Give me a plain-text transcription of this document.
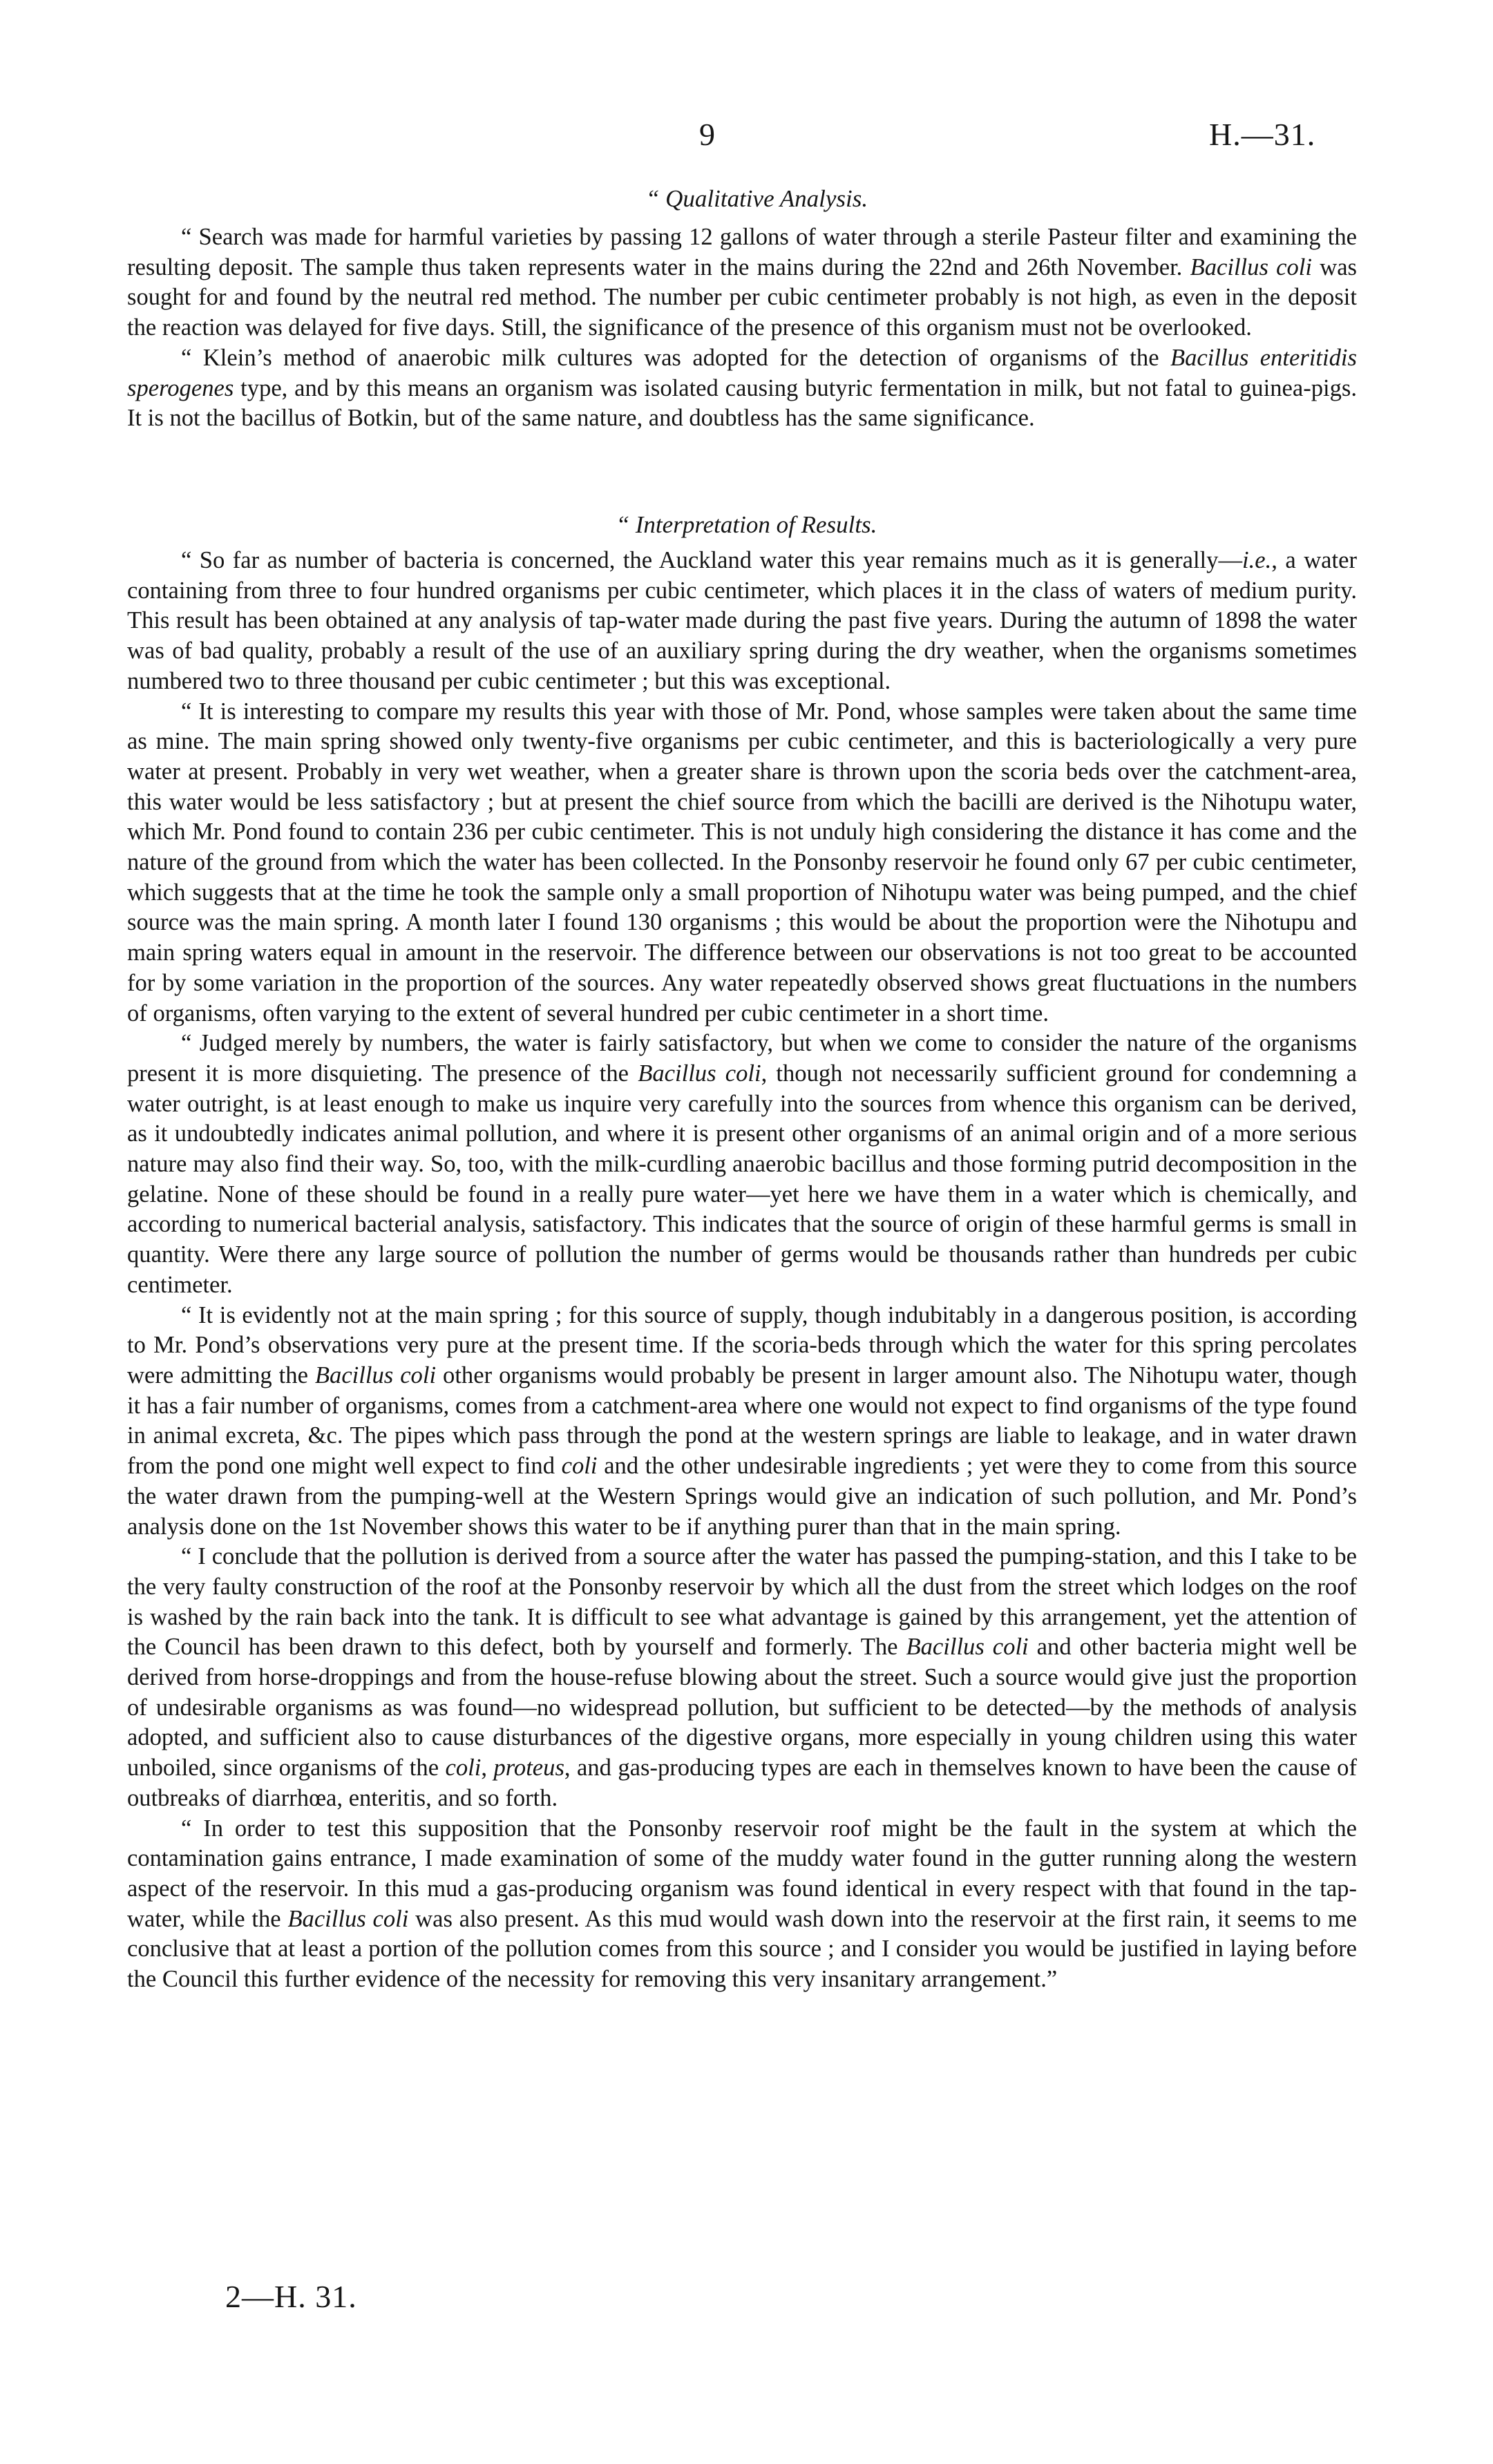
9	H.—31.
“ Qualitative Analysis.

“ Search was made for harmful varieties by passing 12 gallons of water through a sterile Pasteur filter and examining the resulting deposit. The sample thus taken represents water in the mains during the 22nd and 26th November. Bacillus coli was sought for and found by the neutral red method. The number per cubic centimeter probably is not high, as even in the deposit the reaction was delayed for five days. Still, the significance of the presence of this organism must not be overlooked.

“ Klein’s method of anaerobic milk cultures was adopted for the detection of organisms of the Bacillus enteritidis sperogenes type, and by this means an organism was isolated causing butyric fermentation in milk, but not fatal to guinea-pigs. It is not the bacillus of Botkin, but of the same nature, and doubtless has the same significance.

“ Interpretation of Results.

“ So far as number of bacteria is concerned, the Auckland water this year remains much as it is generally—i.e., a water containing from three to four hundred organisms per cubic centimeter, which places it in the class of waters of medium purity. This result has been obtained at any analysis of tap-water made during the past five years. During the autumn of 1898 the water was of bad quality, probably a result of the use of an auxiliary spring during the dry weather, when the organisms sometimes numbered two to three thousand per cubic centimeter ; but this was exceptional.

“ It is interesting to compare my results this year with those of Mr. Pond, whose samples were taken about the same time as mine. The main spring showed only twenty-five organisms per cubic centimeter, and this is bacteriologically a very pure water at present. Probably in very wet weather, when a greater share is thrown upon the scoria beds over the catchment-area, this water would be less satisfactory ; but at present the chief source from which the bacilli are derived is the Nihotupu water, which Mr. Pond found to contain 236 per cubic centimeter. This is not unduly high considering the distance it has come and the nature of the ground from which the water has been collected. In the Ponsonby reservoir he found only 67 per cubic centimeter, which suggests that at the time he took the sample only a small proportion of Nihotupu water was being pumped, and the chief source was the main spring. A month later I found 130 organisms ; this would be about the proportion were the Nihotupu and main spring waters equal in amount in the reservoir. The difference between our observations is not too great to be accounted for by some variation in the proportion of the sources. Any water repeatedly observed shows great fluctuations in the numbers of organisms, often varying to the extent of several hundred per cubic centimeter in a short time.

“ Judged merely by numbers, the water is fairly satisfactory, but when we come to consider the nature of the organisms present it is more disquieting. The presence of the Bacillus coli, though not necessarily sufficient ground for condemning a water outright, is at least enough to make us inquire very carefully into the sources from whence this organism can be derived, as it undoubtedly indicates animal pollution, and where it is present other organisms of an animal origin and of a more serious nature may also find their way. So, too, with the milk-curdling anaerobic bacillus and those forming putrid decomposition in the gelatine. None of these should be found in a really pure water—yet here we have them in a water which is chemically, and according to numerical bacterial analysis, satisfactory. This indicates that the source of origin of these harmful germs is small in quantity. Were there any large source of pollution the number of germs would be thousands rather than hundreds per cubic centimeter.

“ It is evidently not at the main spring ; for this source of supply, though indubitably in a dangerous position, is according to Mr. Pond’s observations very pure at the present time. If the scoria-beds through which the water for this spring percolates were admitting the Bacillus coli other organisms would probably be present in larger amount also. The Nihotupu water, though it has a fair number of organisms, comes from a catchment-area where one would not expect to find organisms of the type found in animal excreta, &c. The pipes which pass through the pond at the western springs are liable to leakage, and in water drawn from the pond one might well expect to find coli and the other undesirable ingredients ; yet were they to come from this source the water drawn from the pumping-well at the Western Springs would give an indication of such pollution, and Mr. Pond’s analysis done on the 1st November shows this water to be if anything purer than that in the main spring.

“ I conclude that the pollution is derived from a source after the water has passed the pumping-station, and this I take to be the very faulty construction of the roof at the Ponsonby reservoir by which all the dust from the street which lodges on the roof is washed by the rain back into the tank. It is difficult to see what advantage is gained by this arrangement, yet the attention of the Council has been drawn to this defect, both by yourself and formerly. The Bacillus coli and other bacteria might well be derived from horse-droppings and from the house-refuse blowing about the street. Such a source would give just the proportion of undesirable organisms as was found—no widespread pollution, but sufficient to be detected—by the methods of analysis adopted, and sufficient also to cause disturbances of the digestive organs, more especially in young children using this water unboiled, since organisms of the coli, proteus, and gas-producing types are each in themselves known to have been the cause of outbreaks of diarrhœa, enteritis, and so forth.

“ In order to test this supposition that the Ponsonby reservoir roof might be the fault in the system at which the contamination gains entrance, I made examination of some of the muddy water found in the gutter running along the western aspect of the reservoir. In this mud a gas-producing organism was found identical in every respect with that found in the tap-water, while the Bacillus coli was also present. As this mud would wash down into the reservoir at the first rain, it seems to me conclusive that at least a portion of the pollution comes from this source ; and I consider you would be justified in laying before the Council this further evidence of the necessity for removing this very insanitary arrangement.”

2—H. 31.
